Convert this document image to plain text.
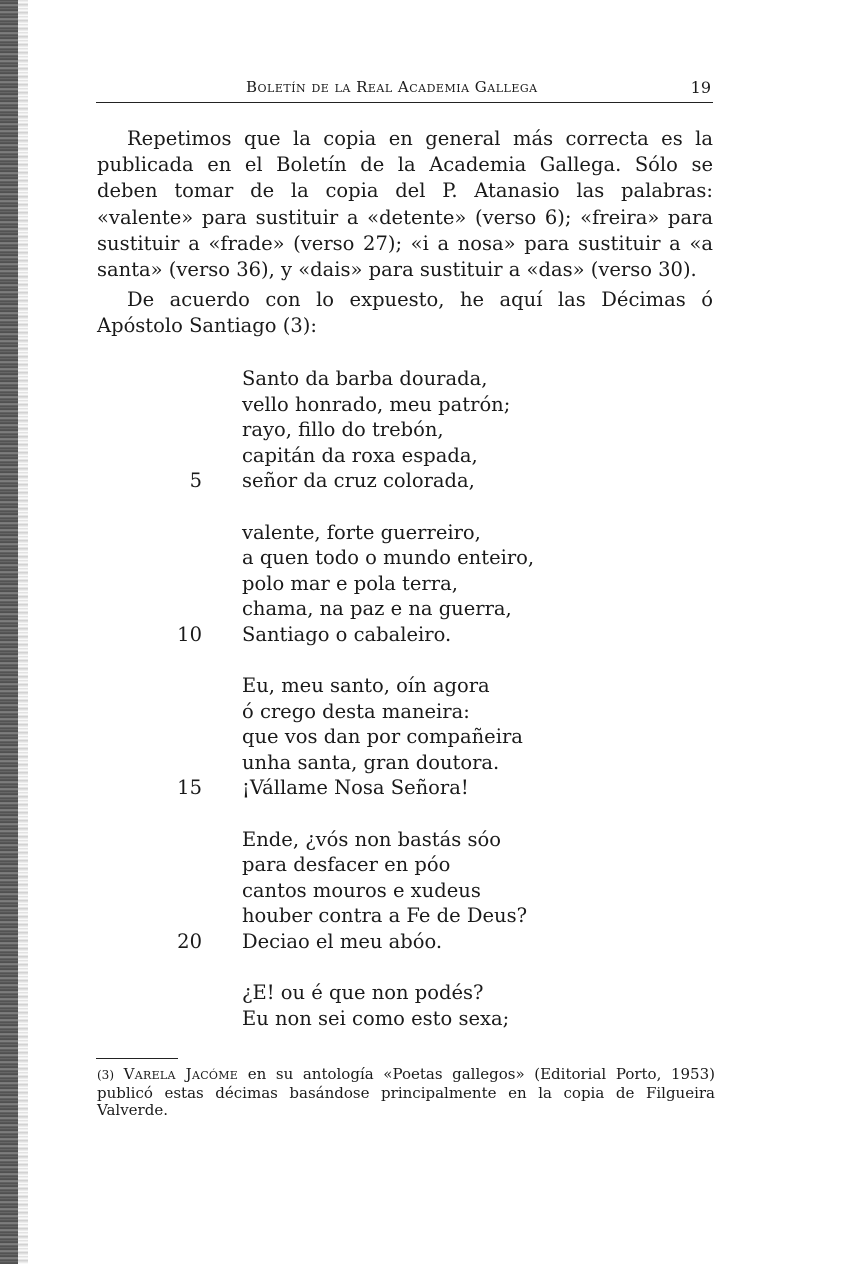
Boletín de la Real Academia Gallega	19

Repetimos que la copia en general más correcta es la publicada en el Boletín de la Academia Gallega. Sólo se deben tomar de la copia del P. Atanasio las palabras: «valente» para sustituir a «detente» (verso 6); «freira» para sustituir a «frade» (verso 27); «i a nosa» para sustituir a «a santa» (verso 36), y «dais» para sustituir a «das» (verso 30).

De acuerdo con lo expuesto, he aquí las Décimas ó Apóstolo Santiago (3):

Santo da barba dourada,
vello honrado, meu patrón;
rayo, fillo do trebón,
capitán da roxa espada,
5 señor da cruz colorada,
valente, forte guerreiro,
a quen todo o mundo enteiro,
polo mar e pola terra,
chama, na paz e na guerra,
10 Santiago o cabaleiro.
Eu, meu santo, oín agora
ó crego desta maneira:
que vos dan por compañeira
unha santa, gran doutora.
15 ¡Vállame Nosa Señora!
Ende, ¿vós non bastás sóo
para desfacer en póo
cantos mouros e xudeus
houber contra a Fe de Deus?
20 Deciao el meu abóo.
¿E! ou é que non podés?
Eu non sei como esto sexa;

(3) Varela Jacóme en su antología «Poetas gallegos» (Editorial Porto, 1953) publicó estas décimas basándose principalmente en la copia de Filgueira Valverde.
